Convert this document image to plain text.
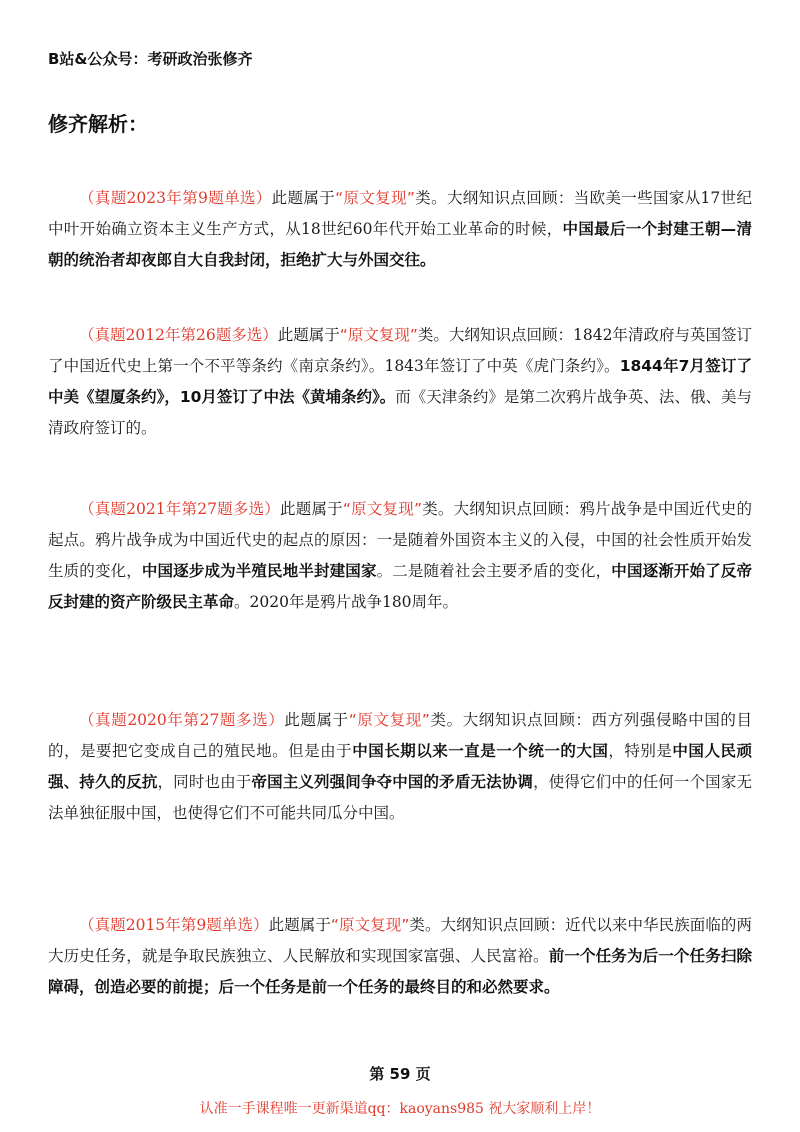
B站&公众号：考研政治张修齐
修齐解析：
（真题2023年第9题单选）此题属于“原文复现”类。大纲知识点回顾：当欧美一些国家从17世纪中叶开始确立资本主义生产方式，从18世纪60年代开始工业革命的时候，中国最后一个封建王朝—清朝的统治者却夜郎自大自我封闭，拒绝扩大与外国交往。
（真题2012年第26题多选）此题属于“原文复现”类。大纲知识点回顾：1842年清政府与英国签订了中国近代史上第一个不平等条约《南京条约》。1843年签订了中英《虎门条约》。1844年7月签订了中美《望厦条约》，10月签订了中法《黄埔条约》。而《天津条约》是第二次鸦片战争英、法、俄、美与清政府签订的。
（真题2021年第27题多选）此题属于“原文复现”类。大纲知识点回顾：鸦片战争是中国近代史的起点。鸦片战争成为中国近代史的起点的原因：一是随着外国资本主义的入侵，中国的社会性质开始发生质的变化，中国逐步成为半殖民地半封建国家。二是随着社会主要矛盾的变化，中国逐渐开始了反帝反封建的资产阶级民主革命。2020年是鸦片战争180周年。
（真题2020年第27题多选）此题属于“原文复现”类。大纲知识点回顾：西方列强侵略中国的目的，是要把它变成自己的殖民地。但是由于中国长期以来一直是一个统一的大国，特别是中国人民顽强、持久的反抗，同时也由于帝国主义列强间争夺中国的矛盾无法协调，使得它们中的任何一个国家无法单独征服中国，也使得它们不可能共同瓜分中国。
（真题2015年第9题单选）此题属于“原文复现”类。大纲知识点回顾：近代以来中华民族面临的两大历史任务，就是争取民族独立、人民解放和实现国家富强、人民富裕。前一个任务为后一个任务扫除障碍，创造必要的前提；后一个任务是前一个任务的最终目的和必然要求。
第 59 页
认准一手课程唯一更新渠道qq：kaoyans985 祝大家顺利上岸！
